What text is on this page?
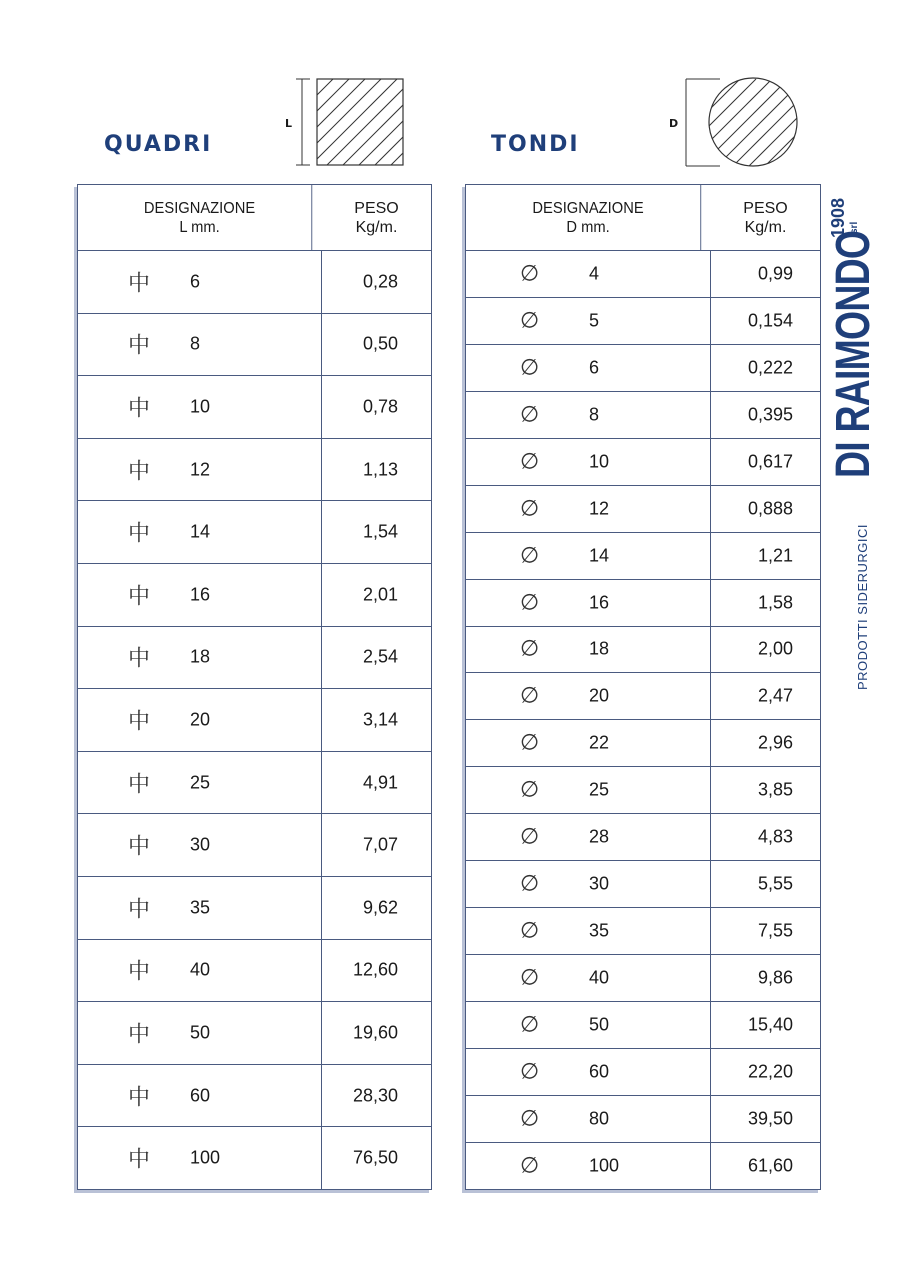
QUADRI
L
TONDI
D
DESIGNAZIONE
L mm.
PESO
Kg/m.
中 6	0,28
中 8	0,50
中 10	0,78
中 12	1,13
中 14	1,54
中 16	2,01
中 18	2,54
中 20	3,14
中 25	4,91
中 30	7,07
中 35	9,62
中 40	12,60
中 50	19,60
中 60	28,30
中 100	76,50
DESIGNAZIONE
D mm.
PESO
Kg/m.
∅	4	0,99
∅	5	0,154
∅	6	0,222
∅	8	0,395
∅	10	0,617
∅	12	0,888
∅	14	1,21
∅	16	1,58
∅	18	2,00
∅	20	2,47
∅	22	2,96
∅	25	3,85
∅	28	4,83
∅	30	5,55
∅	35	7,55
∅	40	9,86
∅	50	15,40
∅	60	22,20
∅	80	39,50
∅	100	61,60
DI RAIMONDO
1908 srl
PRODOTTI SIDERURGICI
